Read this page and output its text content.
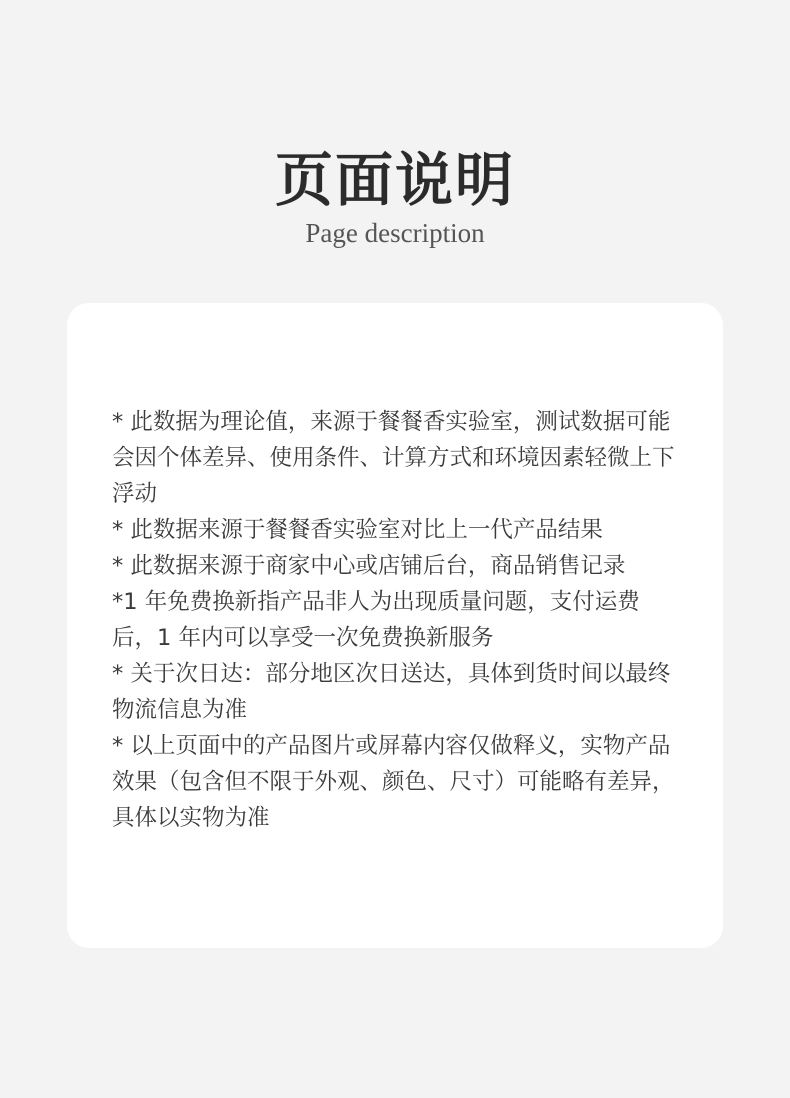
页面说明

Page description

* 此数据为理论值，来源于餐餐香实验室，测试数据可能会因个体差异、使用条件、计算方式和环境因素轻微上下浮动
* 此数据来源于餐餐香实验室对比上一代产品结果
* 此数据来源于商家中心或店铺后台，商品销售记录
*1 年免费换新指产品非人为出现质量问题，支付运费后，1 年内可以享受一次免费换新服务
* 关于次日达：部分地区次日送达，具体到货时间以最终物流信息为准
* 以上页面中的产品图片或屏幕内容仅做释义，实物产品效果（包含但不限于外观、颜色、尺寸）可能略有差异，具体以实物为准
